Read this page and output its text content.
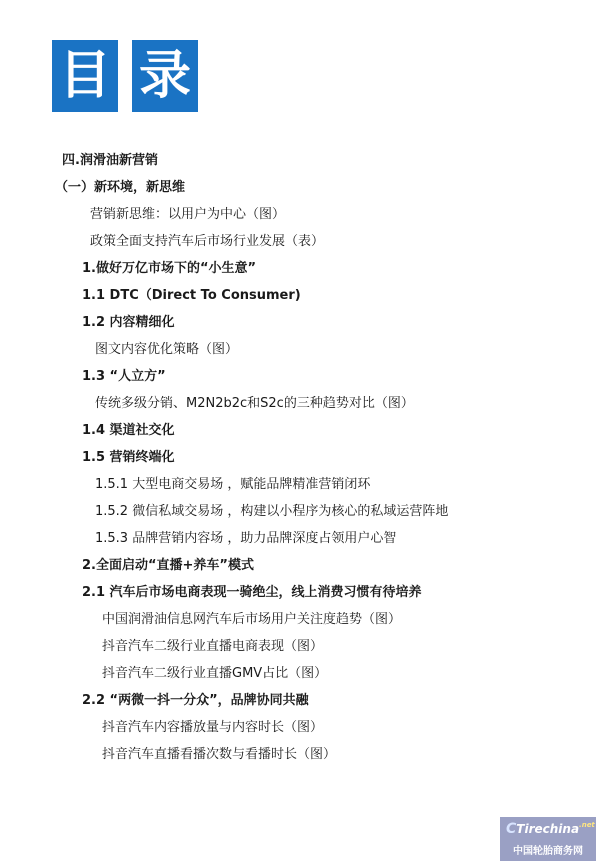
目 录
四.润滑油新营销
（一）新环境，新思维
营销新思维：以用户为中心（图）
政策全面支持汽车后市场行业发展（表）
1.做好万亿市场下的“小生意”
1.1 DTC（Direct To Consumer)
1.2 内容精细化
图文内容优化策略（图）
1.3 “人立方”
传统多级分销、M2N2b2c和S2c的三种趋势对比（图）
1.4 渠道社交化
1.5 营销终端化
1.5.1 大型电商交易场 ，赋能品牌精准营销闭环
1.5.2 微信私域交易场 ，构建以小程序为核心的私域运营阵地
1.5.3 品牌营销内容场 ，助力品牌深度占领用户心智
2.全面启动“直播+养车”模式
2.1 汽车后市场电商表现一骑绝尘，线上消费习惯有待培养
中国润滑油信息网汽车后市场用户关注度趋势（图）
抖音汽车二级行业直播电商表现（图）
抖音汽车二级行业直播GMV占比（图）
2.2 “两微一抖一分众”，品牌协同共融
抖音汽车内容播放量与内容时长（图）
抖音汽车直播看播次数与看播时长（图）
CTirechina$^{.net}$
中国轮胎商务网
